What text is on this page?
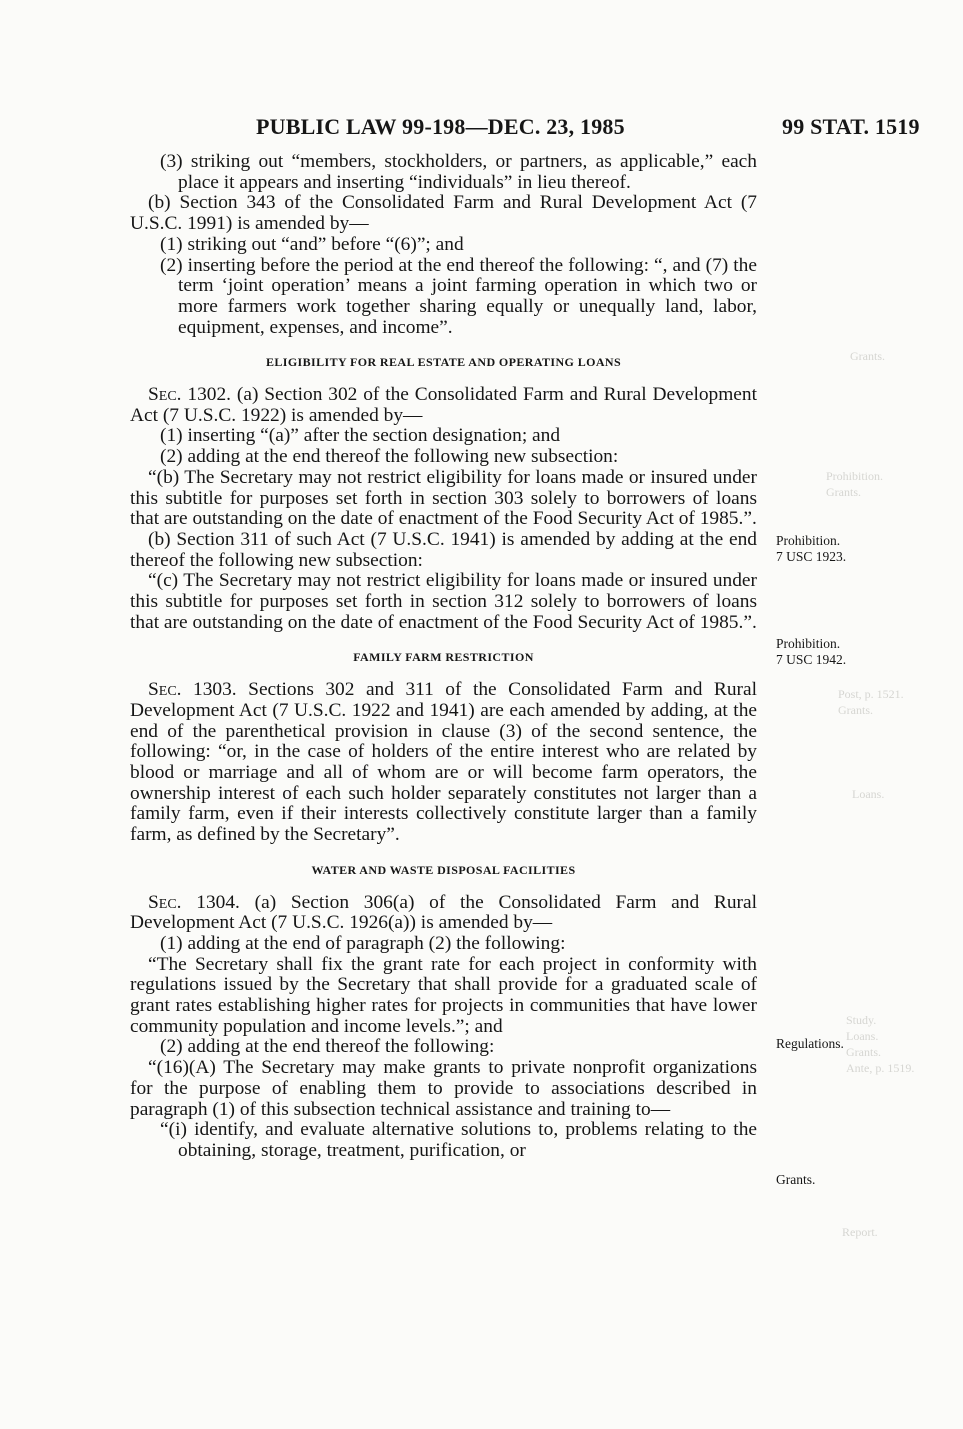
Grants.
Prohibition.
Grants.
Post, p. 1521.
Grants.
Loans.
Study.
Loans.
Grants.
Ante, p. 1519.
Report.
PUBLIC LAW 99-198—DEC. 23, 1985	99 STAT. 1519

(3) striking out “members, stockholders, or partners, as applicable,” each place it appears and inserting “individuals” in lieu thereof.

(b) Section 343 of the Consolidated Farm and Rural Development Act (7 U.S.C. 1991) is amended by—

(1) striking out “and” before “(6)”; and

(2) inserting before the period at the end thereof the following: “, and (7) the term ‘joint operation’ means a joint farming operation in which two or more farmers work together sharing equally or unequally land, labor, equipment, expenses, and income”.

ELIGIBILITY FOR REAL ESTATE AND OPERATING LOANS

Sec. 1302. (a) Section 302 of the Consolidated Farm and Rural Development Act (7 U.S.C. 1922) is amended by—

(1) inserting “(a)” after the section designation; and

(2) adding at the end thereof the following new subsection:

“(b) The Secretary may not restrict eligibility for loans made or insured under this subtitle for purposes set forth in section 303 solely to borrowers of loans that are outstanding on the date of enactment of the Food Security Act of 1985.”.

(b) Section 311 of such Act (7 U.S.C. 1941) is amended by adding at the end thereof the following new subsection:

“(c) The Secretary may not restrict eligibility for loans made or insured under this subtitle for purposes set forth in section 312 solely to borrowers of loans that are outstanding on the date of enactment of the Food Security Act of 1985.”.

FAMILY FARM RESTRICTION

Sec. 1303. Sections 302 and 311 of the Consolidated Farm and Rural Development Act (7 U.S.C. 1922 and 1941) are each amended by adding, at the end of the parenthetical provision in clause (3) of the second sentence, the following: “or, in the case of holders of the entire interest who are related by blood or marriage and all of whom are or will become farm operators, the ownership interest of each such holder separately constitutes not larger than a family farm, even if their interests collectively constitute larger than a family farm, as defined by the Secretary”.

WATER AND WASTE DISPOSAL FACILITIES

Sec. 1304. (a) Section 306(a) of the Consolidated Farm and Rural Development Act (7 U.S.C. 1926(a)) is amended by—

(1) adding at the end of paragraph (2) the following:

“The Secretary shall fix the grant rate for each project in conformity with regulations issued by the Secretary that shall provide for a graduated scale of grant rates establishing higher rates for projects in communities that have lower community population and income levels.”; and

(2) adding at the end thereof the following:

“(16)(A) The Secretary may make grants to private nonprofit organizations for the purpose of enabling them to provide to associations described in paragraph (1) of this subsection technical assistance and training to—

“(i) identify, and evaluate alternative solutions to, problems relating to the obtaining, storage, treatment, purification, or

Prohibition.
7 USC 1923.
Prohibition.
7 USC 1942.
Regulations.
Grants.
